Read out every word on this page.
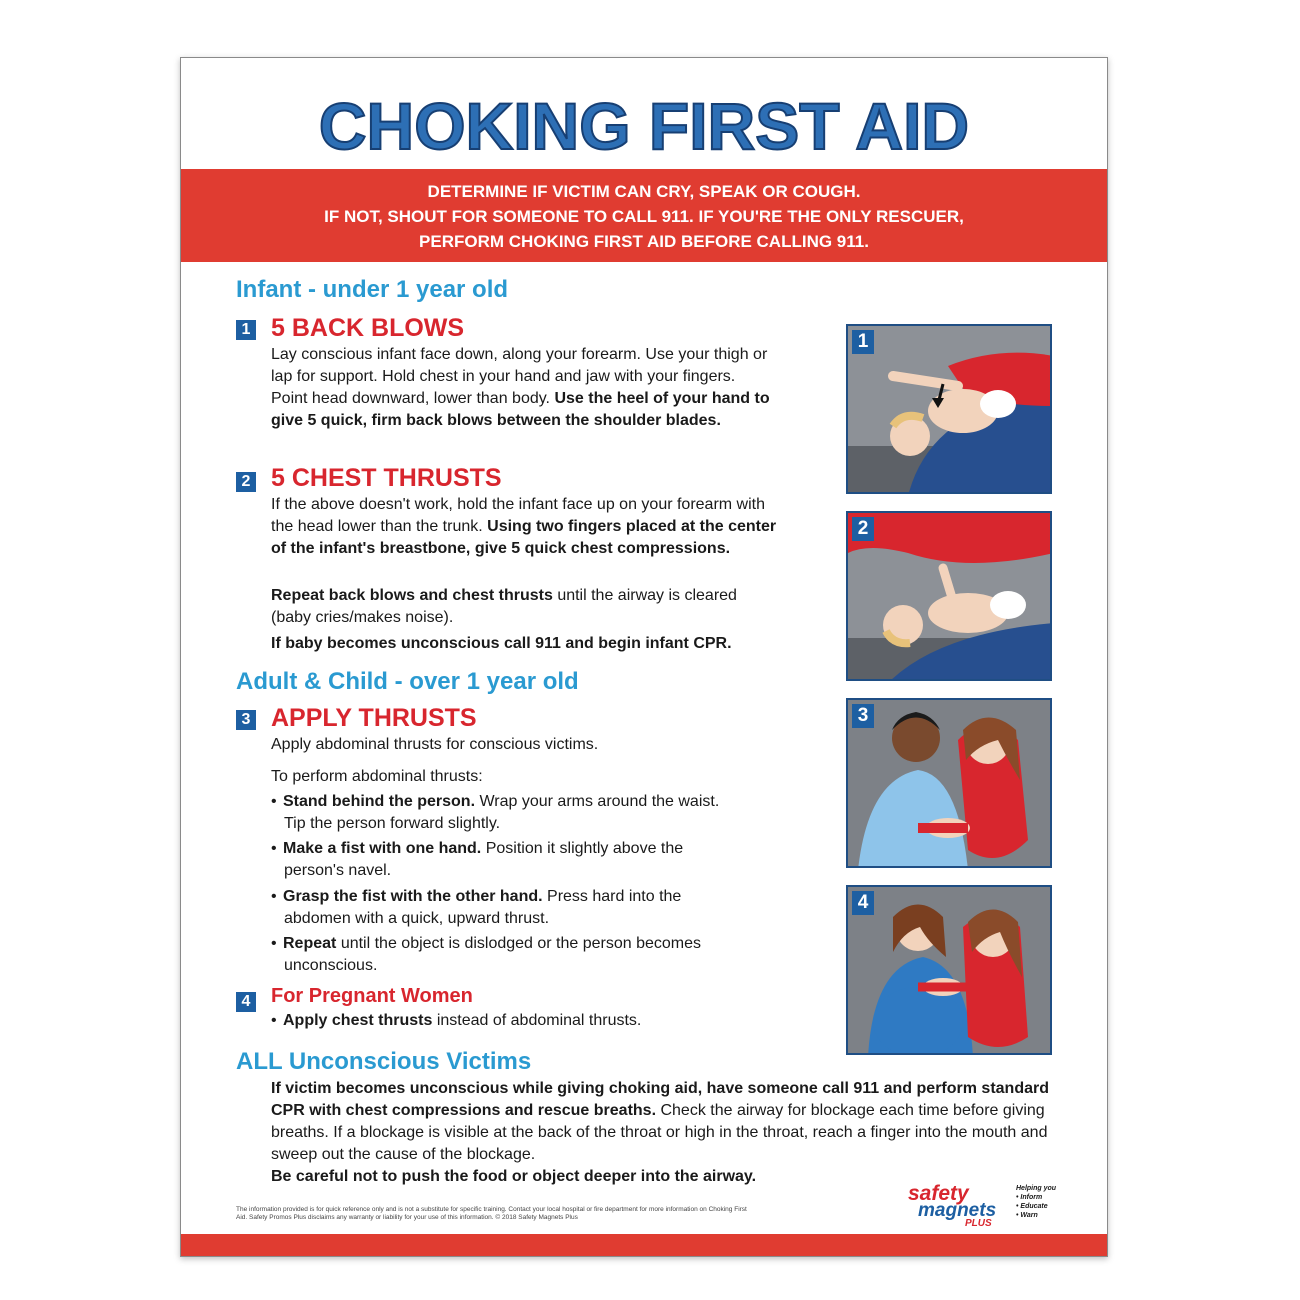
CHOKING FIRST AID
DETERMINE IF VICTIM CAN CRY, SPEAK OR COUGH.
IF NOT, SHOUT FOR SOMEONE TO CALL 911. IF YOU'RE THE ONLY RESCUER,
PERFORM CHOKING FIRST AID BEFORE CALLING 911.
Infant - under 1 year old
1 5 BACK BLOWS
Lay conscious infant face down, along your forearm. Use your thigh or lap for support. Hold chest in your hand and jaw with your fingers. Point head downward, lower than body. Use the heel of your hand to give 5 quick, firm back blows between the shoulder blades.
2 5 CHEST THRUSTS
If the above doesn't work, hold the infant face up on your forearm with the head lower than the trunk. Using two fingers placed at the center of the infant's breastbone, give 5 quick chest compressions.
Repeat back blows and chest thrusts until the airway is cleared (baby cries/makes noise).
If baby becomes unconscious call 911 and begin infant CPR.
Adult & Child - over 1 year old
3 APPLY THRUSTS
Apply abdominal thrusts for conscious victims.
To perform abdominal thrusts:
• Stand behind the person. Wrap your arms around the waist.
Tip the person forward slightly.
• Make a fist with one hand. Position it slightly above the
person's navel.
• Grasp the fist with the other hand. Press hard into the
abdomen with a quick, upward thrust.
• Repeat until the object is dislodged or the person becomes
unconscious.
4 For Pregnant Women
• Apply chest thrusts instead of abdominal thrusts.
ALL Unconscious Victims
If victim becomes unconscious while giving choking aid, have someone call 911 and perform standard CPR with chest compressions and rescue breaths. Check the airway for blockage each time before giving breaths. If a blockage is visible at the back of the throat or high in the throat, reach a finger into the mouth and sweep out the cause of the blockage.
Be careful not to push the food or object deeper into the airway.
1
2
3
4
The information provided is for quick reference only and is not a substitute for specific training. Contact your local hospital or fire department for more information on Choking First Aid. Safety Promos Plus disclaims any warranty or liability for your use of this information. © 2018 Safety Magnets Plus
safety
magnets
PLUS
Helping you
• Inform
• Educate
• Warn
